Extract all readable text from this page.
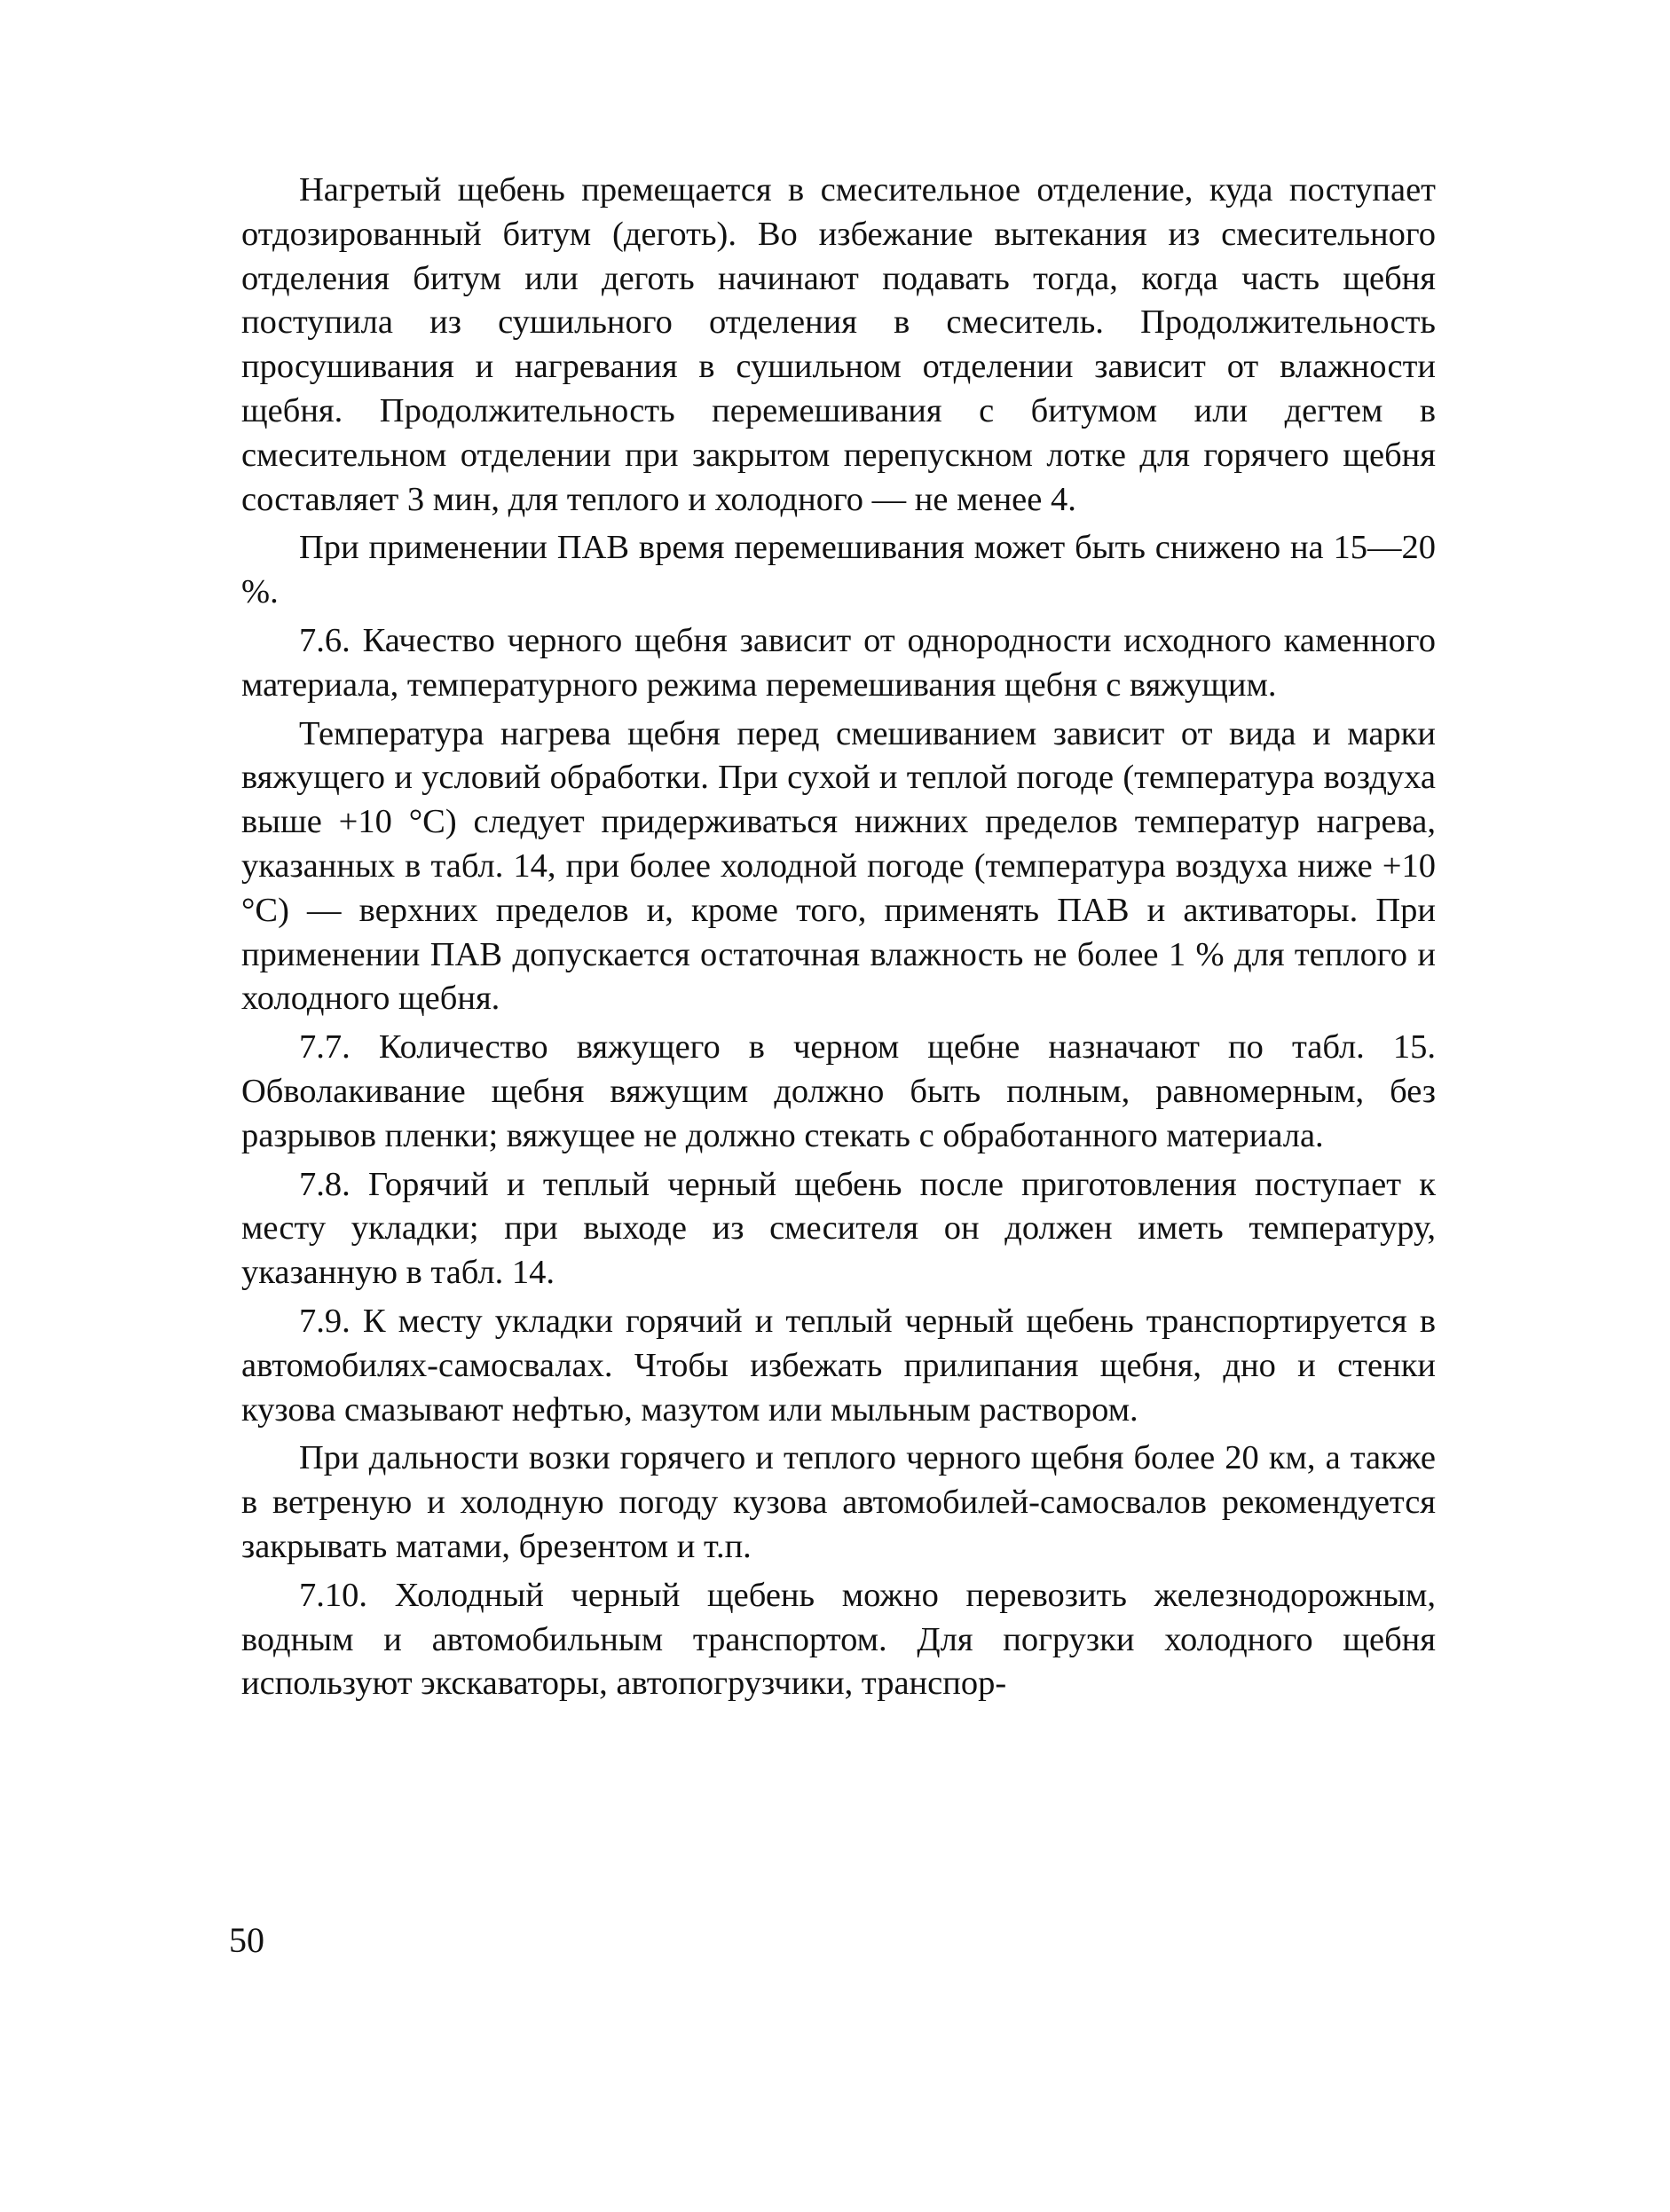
Нагретый щебень премещается в смесительное отделение, куда поступает отдозированный битум (деготь). Во избежание вытекания из смесительного отделения битум или деготь начинают подавать тогда, когда часть щебня поступила из сушильного отделения в смеситель. Продолжительность просушивания и нагревания в сушильном отделении зависит от влажности щебня. Продолжительность перемешивания с битумом или дегтем в смесительном отделении при закрытом перепускном лотке для горячего щебня составляет 3 мин, для теплого и холодного — не менее 4.

При применении ПАВ время перемешивания может быть снижено на 15—20 %.

7.6. Качество черного щебня зависит от однородности исходного каменного материала, температурного режима перемешивания щебня с вяжущим.

Температура нагрева щебня перед смешиванием зависит от вида и марки вяжущего и условий обработки. При сухой и теплой погоде (температура воздуха выше +10 °С) следует придерживаться нижних пределов температур нагрева, указанных в табл. 14, при более холодной погоде (температура воздуха ниже +10 °С) — верхних пределов и, кроме того, применять ПАВ и активаторы. При применении ПАВ допускается остаточная влажность не более 1 % для теплого и холодного щебня.

7.7. Количество вяжущего в черном щебне назначают по табл. 15. Обволакивание щебня вяжущим должно быть полным, равномерным, без разрывов пленки; вяжущее не должно стекать с обработанного материала.

7.8. Горячий и теплый черный щебень после приготовления поступает к месту укладки; при выходе из смесителя он должен иметь температуру, указанную в табл. 14.

7.9. К месту укладки горячий и теплый черный щебень транспортируется в автомобилях-самосвалах. Чтобы избежать прилипания щебня, дно и стенки кузова смазывают нефтью, мазутом или мыльным раствором.

При дальности возки горячего и теплого черного щебня более 20 км, а также в ветреную и холодную погоду кузова автомобилей-самосвалов рекомендуется закрывать матами, брезентом и т.п.

7.10. Холодный черный щебень можно перевозить железнодорожным, водным и автомобильным транспортом. Для погрузки холодного щебня используют экскаваторы, автопогрузчики, транспор-

50
